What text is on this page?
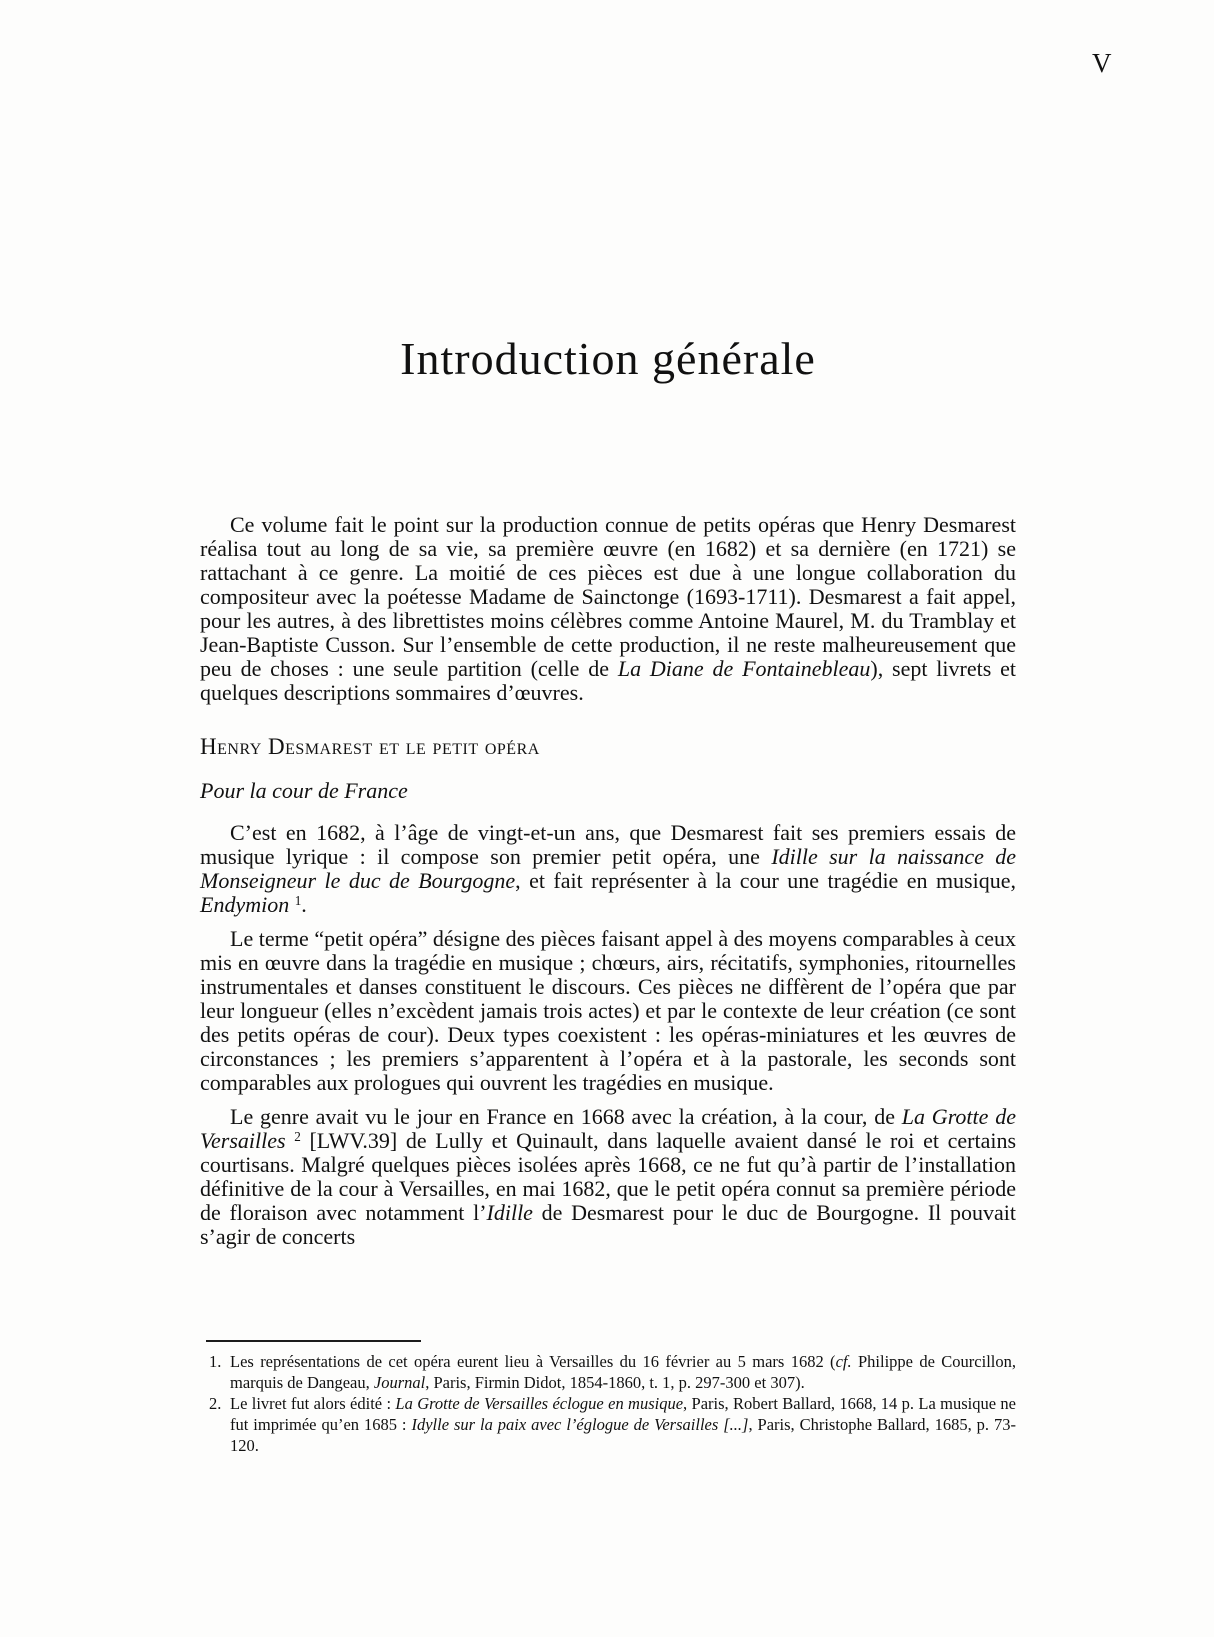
V
Introduction générale

Ce volume fait le point sur la production connue de petits opéras que Henry Desmarest réalisa tout au long de sa vie, sa première œuvre (en 1682) et sa dernière (en 1721) se rattachant à ce genre. La moitié de ces pièces est due à une longue collaboration du compositeur avec la poétesse Madame de Sainctonge (1693-1711). Desmarest a fait appel, pour les autres, à des librettistes moins célèbres comme Antoine Maurel, M. du Tramblay et Jean-Baptiste Cusson. Sur l’ensemble de cette production, il ne reste malheureusement que peu de choses : une seule partition (celle de La Diane de Fontainebleau), sept livrets et quelques descriptions sommaires d’œuvres.

Henry Desmarest et le petit opéra
Pour la cour de France

C’est en 1682, à l’âge de vingt-et-un ans, que Desmarest fait ses premiers essais de musique lyrique : il compose son premier petit opéra, une Idille sur la naissance de Monseigneur le duc de Bourgogne, et fait représenter à la cour une tragédie en musique, Endymion $^1$.

Le terme “petit opéra” désigne des pièces faisant appel à des moyens comparables à ceux mis en œuvre dans la tragédie en musique ; chœurs, airs, récitatifs, symphonies, ritournelles instrumentales et danses constituent le discours. Ces pièces ne diffèrent de l’opéra que par leur longueur (elles n’excèdent jamais trois actes) et par le contexte de leur création (ce sont des petits opéras de cour). Deux types coexistent : les opéras-miniatures et les œuvres de circonstances ; les premiers s’apparentent à l’opéra et à la pastorale, les seconds sont comparables aux prologues qui ouvrent les tragédies en musique.

Le genre avait vu le jour en France en 1668 avec la création, à la cour, de La Grotte de Versailles $^2$ [LWV.39] de Lully et Quinault, dans laquelle avaient dansé le roi et certains courtisans. Malgré quelques pièces isolées après 1668, ce ne fut qu’à partir de l’installation définitive de la cour à Versailles, en mai 1682, que le petit opéra connut sa première période de floraison avec notamment l’Idille de Desmarest pour le duc de Bourgogne. Il pouvait s’agir de concerts

1. Les représentations de cet opéra eurent lieu à Versailles du 16 février au 5 mars 1682 (cf. Philippe de Courcillon, marquis de Dangeau, Journal, Paris, Firmin Didot, 1854-1860, t. 1, p. 297-300 et 307).
2. Le livret fut alors édité : La Grotte de Versailles éclogue en musique, Paris, Robert Ballard, 1668, 14 p. La musique ne fut imprimée qu’en 1685 : Idylle sur la paix avec l’églogue de Versailles [...], Paris, Christophe Ballard, 1685, p. 73-120.
